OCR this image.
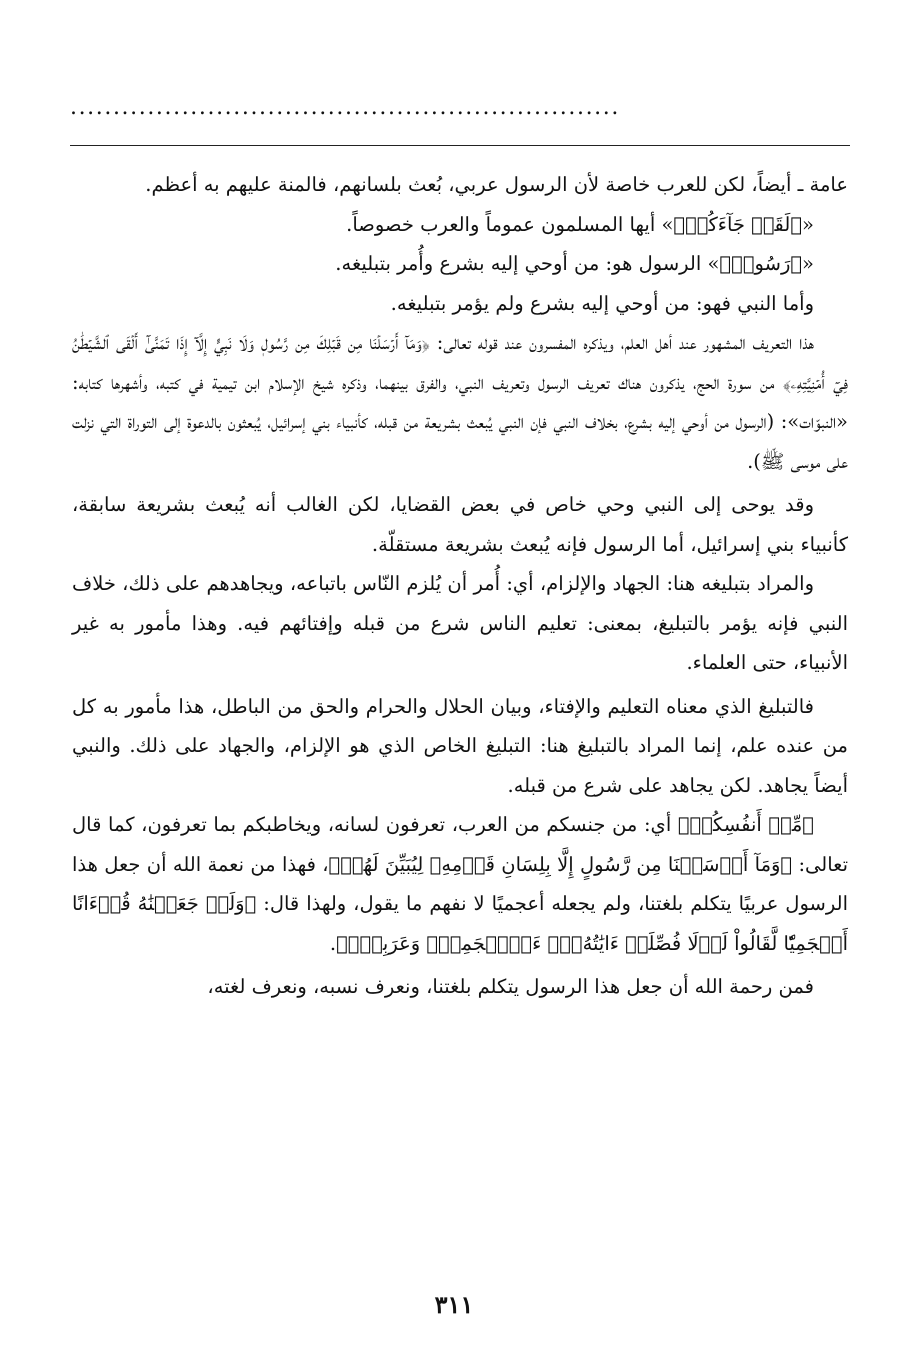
................................................................

عامة ـ أيضاً، لكن للعرب خاصة لأن الرسول عربي، بُعث بلسانهم، فالمنة عليهم به أعظم.

«﴿لَقَدۡ جَآءَكُمۡ﴾» أيها المسلمون عموماً والعرب خصوصاً.

«﴿رَسُولٞ﴾» الرسول هو: من أوحي إليه بشرع وأُمر بتبليغه.

وأما النبي فهو: من أوحي إليه بشرع ولم يؤمر بتبليغه.

هذا التعريف المشهور عند أهل العلم، ويذكره المفسرون عند قوله تعالى: ﴿وَمَآ أَرۡسَلۡنَا مِن قَبۡلِكَ مِن رَّسُولٖ وَلَا نَبِيٍّ إِلَّآ إِذَا تَمَنَّىٰٓ أَلۡقَى ٱلشَّيۡطَٰنُ فِيٓ أُمۡنِيَّتِهِۦ﴾ من سورة الحج، يذكرون هناك تعريف الرسول وتعريف النبي، والفرق بينهما، وذكره شيخ الإسلام ابن تيمية في كتبه، وأشهرها كتابه: «النبوّات»: (الرسول من أوحي إليه بشرع، بخلاف النبي فإن النبي يُبعث بشريعة من قبله، كأنبياء بني إسرائيل، يُبعثون بالدعوة إلى التوراة التي نزلت على موسى ﷺ).

وقد يوحى إلى النبي وحي خاص في بعض القضايا، لكن الغالب أنه يُبعث بشريعة سابقة، كأنبياء بني إسرائيل، أما الرسول فإنه يُبعث بشريعة مستقلّة.

والمراد بتبليغه هنا: الجهاد والإلزام، أي: أُمر أن يُلزم النّاس باتباعه، ويجاهدهم على ذلك، خلاف النبي فإنه يؤمر بالتبليغ، بمعنى: تعليم الناس شرع من قبله وإفتائهم فيه. وهذا مأمور به غير الأنبياء، حتى العلماء.

فالتبليغ الذي معناه التعليم والإفتاء، وبيان الحلال والحرام والحق من الباطل، هذا مأمور به كل من عنده علم، إنما المراد بالتبليغ هنا: التبليغ الخاص الذي هو الإلزام، والجهاد على ذلك. والنبي أيضاً يجاهد. لكن يجاهد على شرع من قبله.

﴿مِّنۡ أَنفُسِكُمۡ﴾ أي: من جنسكم من العرب، تعرفون لسانه، ويخاطبكم بما تعرفون، كما قال تعالى: ﴿وَمَآ أَرۡسَلۡنَا مِن رَّسُولٍ إِلَّا بِلِسَانِ قَوۡمِهِۦ لِيُبَيِّنَ لَهُمۡ﴾، فهذا من نعمة الله أن جعل هذا الرسول عربيًا يتكلم بلغتنا، ولم يجعله أعجميًا لا نفهم ما يقول، ولهذا قال: ﴿وَلَوۡ جَعَلۡنَٰهُ قُرۡءَانًا أَعۡجَمِيّٗا لَّقَالُواْ لَوۡلَا فُصِّلَتۡ ءَايَٰتُهُۥٓۖ ءَا۬عۡجَمِيّٞ وَعَرَبِيّٞ﴾.

فمن رحمة الله أن جعل هذا الرسول يتكلم بلغتنا، ونعرف نسبه، ونعرف لغته،

٣١١
